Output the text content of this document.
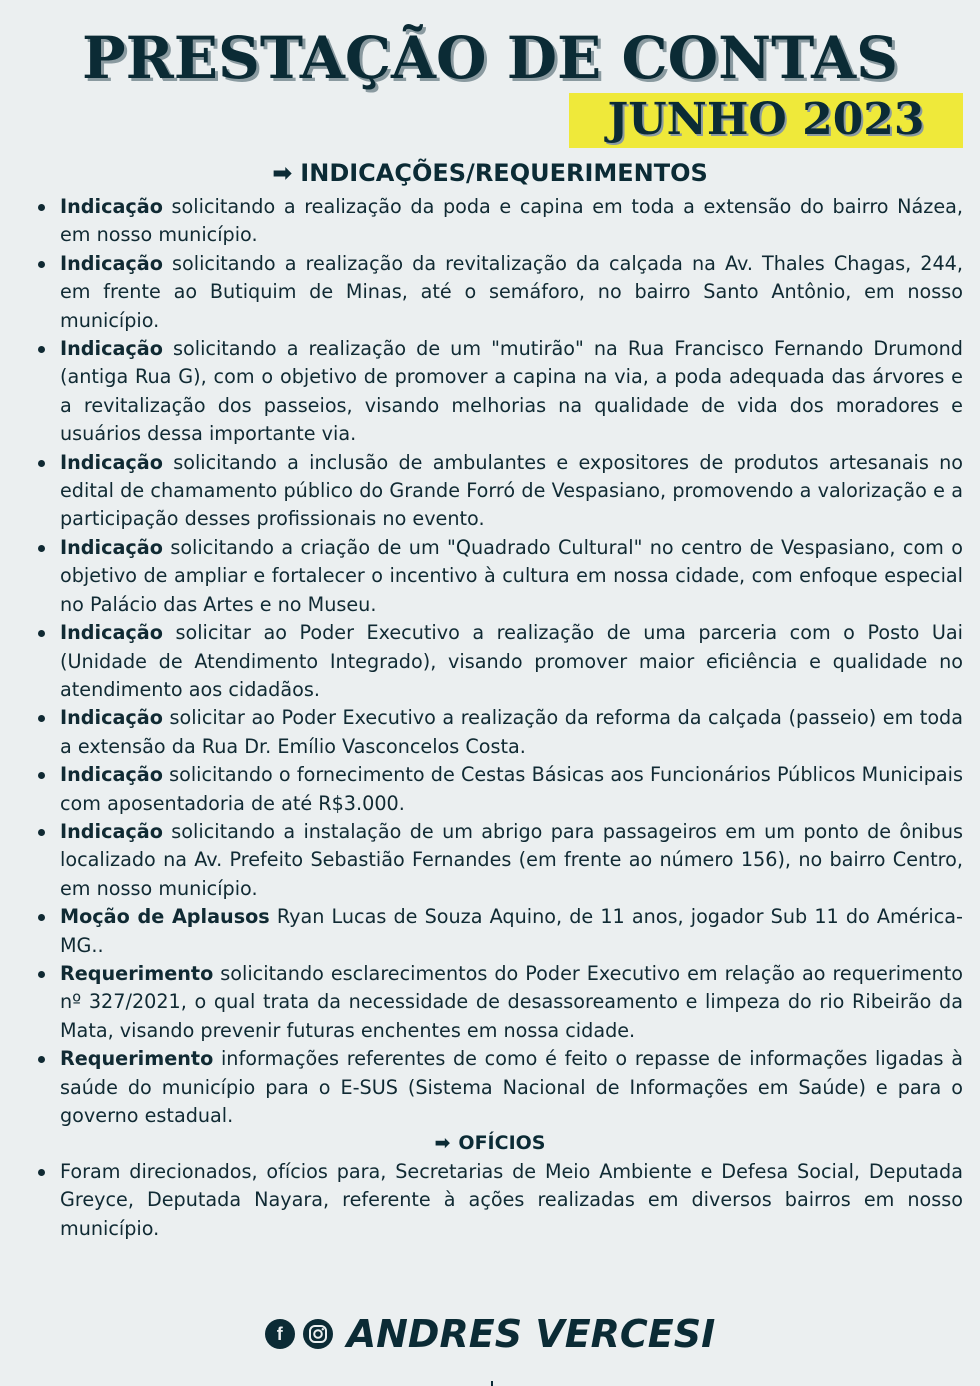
PRESTAÇÃO DE CONTAS
JUNHO 2023
➡ INDICAÇÕES/REQUERIMENTOS
Indicação solicitando a realização da poda e capina em toda a extensão do bairro Názea, em nosso município.
Indicação solicitando a realização da revitalização da calçada na Av. Thales Chagas, 244, em frente ao Butiquim de Minas, até o semáforo, no bairro Santo Antônio, em nosso município.
Indicação solicitando a realização de um "mutirão" na Rua Francisco Fernando Drumond (antiga Rua G), com o objetivo de promover a capina na via, a poda adequada das árvores e a revitalização dos passeios, visando melhorias na qualidade de vida dos moradores e usuários dessa importante via.
Indicação solicitando a inclusão de ambulantes e expositores de produtos artesanais no edital de chamamento público do Grande Forró de Vespasiano, promovendo a valorização e a participação desses profissionais no evento.
Indicação solicitando a criação de um "Quadrado Cultural" no centro de Vespasiano, com o objetivo de ampliar e fortalecer o incentivo à cultura em nossa cidade, com enfoque especial no Palácio das Artes e no Museu.
Indicação solicitar ao Poder Executivo a realização de uma parceria com o Posto Uai (Unidade de Atendimento Integrado), visando promover maior eficiência e qualidade no atendimento aos cidadãos.
Indicação solicitar ao Poder Executivo a realização da reforma da calçada (passeio) em toda a extensão da Rua Dr. Emílio Vasconcelos Costa.
Indicação solicitando o fornecimento de Cestas Básicas aos Funcionários Públicos Municipais com aposentadoria de até R$3.000.
Indicação solicitando a instalação de um abrigo para passageiros em um ponto de ônibus localizado na Av. Prefeito Sebastião Fernandes (em frente ao número 156), no bairro Centro, em nosso município.
Moção de Aplausos Ryan Lucas de Souza Aquino, de 11 anos, jogador Sub 11 do América-MG..
Requerimento solicitando esclarecimentos do Poder Executivo em relação ao requerimento nº 327/2021, o qual trata da necessidade de desassoreamento e limpeza do rio Ribeirão da Mata, visando prevenir futuras enchentes em nossa cidade.
Requerimento informações referentes de como é feito o repasse de informações ligadas à saúde do município para o E-SUS (Sistema Nacional de Informações em Saúde) e para o governo estadual.
➡ OFÍCIOS
Foram direcionados, ofícios para, Secretarias de Meio Ambiente e Defesa Social, Deputada Greyce, Deputada Nayara, referente à ações realizadas em diversos bairros em nosso município.
f	ANDRES VERCESI
